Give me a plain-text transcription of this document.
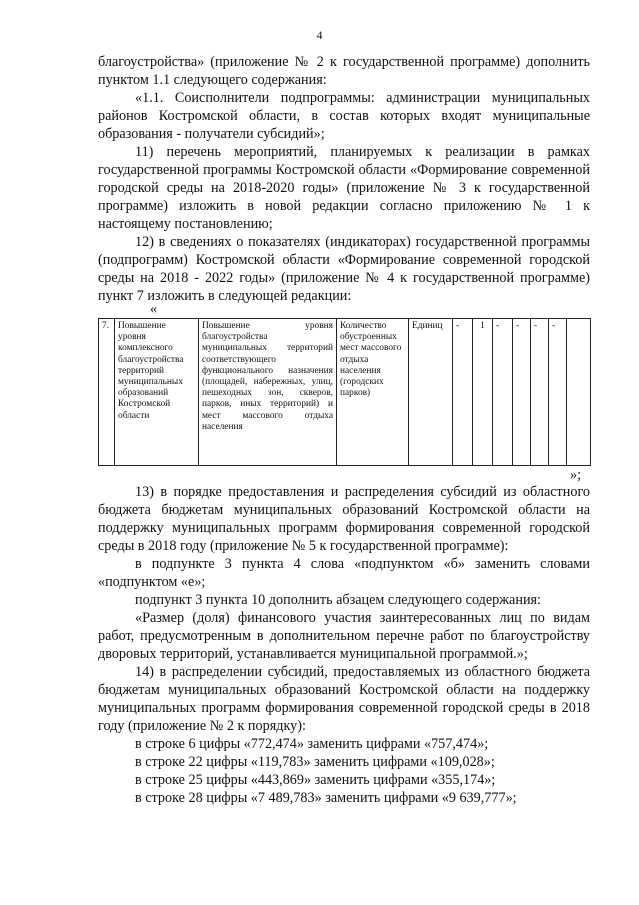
4

благоустройства» (приложение № 2 к государственной программе) дополнить пунктом 1.1 следующего содержания:

«1.1. Соисполнители подпрограммы: администрации муниципальных районов Костромской области, в состав которых входят муниципальные образования - получатели субсидий»;

11) перечень мероприятий, планируемых к реализации в рамках государственной программы Костромской области «Формирование современной городской среды на 2018-2020 годы» (приложение № 3 к государственной программе) изложить в новой редакции согласно приложению № 1 к настоящему постановлению;

12) в сведениях о показателях (индикаторах) государственной программы (подпрограмм) Костромской области «Формирование современной городской среды на 2018 - 2022 годы» (приложение № 4 к государственной программе) пункт 7 изложить в следующей редакции:

«
7.	Повышение уровня комплексного благоустройства территорий муниципальных образований Костромской области	Повышение уровня благоустройства муниципальных территорий соответствующего функционального назначения (площадей, набережных, улиц, пешеходных зон, скверов, парков, иных территорий) и мест массового отдыха населения	Количество обустроенных мест массового отдыха населения (городских парков)	Единиц	-	1	-	-	-	-	
»;

13) в порядке предоставления и распределения субсидий из областного бюджета бюджетам муниципальных образований Костромской области на поддержку муниципальных программ формирования современной городской среды в 2018 году (приложение № 5 к государственной программе):

в подпункте 3 пункта 4 слова «подпунктом «б» заменить словами «подпунктом «е»;

подпункт 3 пункта 10 дополнить абзацем следующего содержания:

«Размер (доля) финансового участия заинтересованных лиц по видам работ, предусмотренным в дополнительном перечне работ по благоустройству дворовых территорий, устанавливается муниципальной программой.»;

14) в распределении субсидий, предоставляемых из областного бюджета бюджетам муниципальных образований Костромской области на поддержку муниципальных программ формирования современной городской среды в 2018 году (приложение № 2 к порядку):

в строке 6 цифры «772,474» заменить цифрами «757,474»;

в строке 22 цифры «119,783» заменить цифрами «109,028»;

в строке 25 цифры «443,869» заменить цифрами «355,174»;

в строке 28 цифры «7 489,783» заменить цифрами «9 639,777»;
